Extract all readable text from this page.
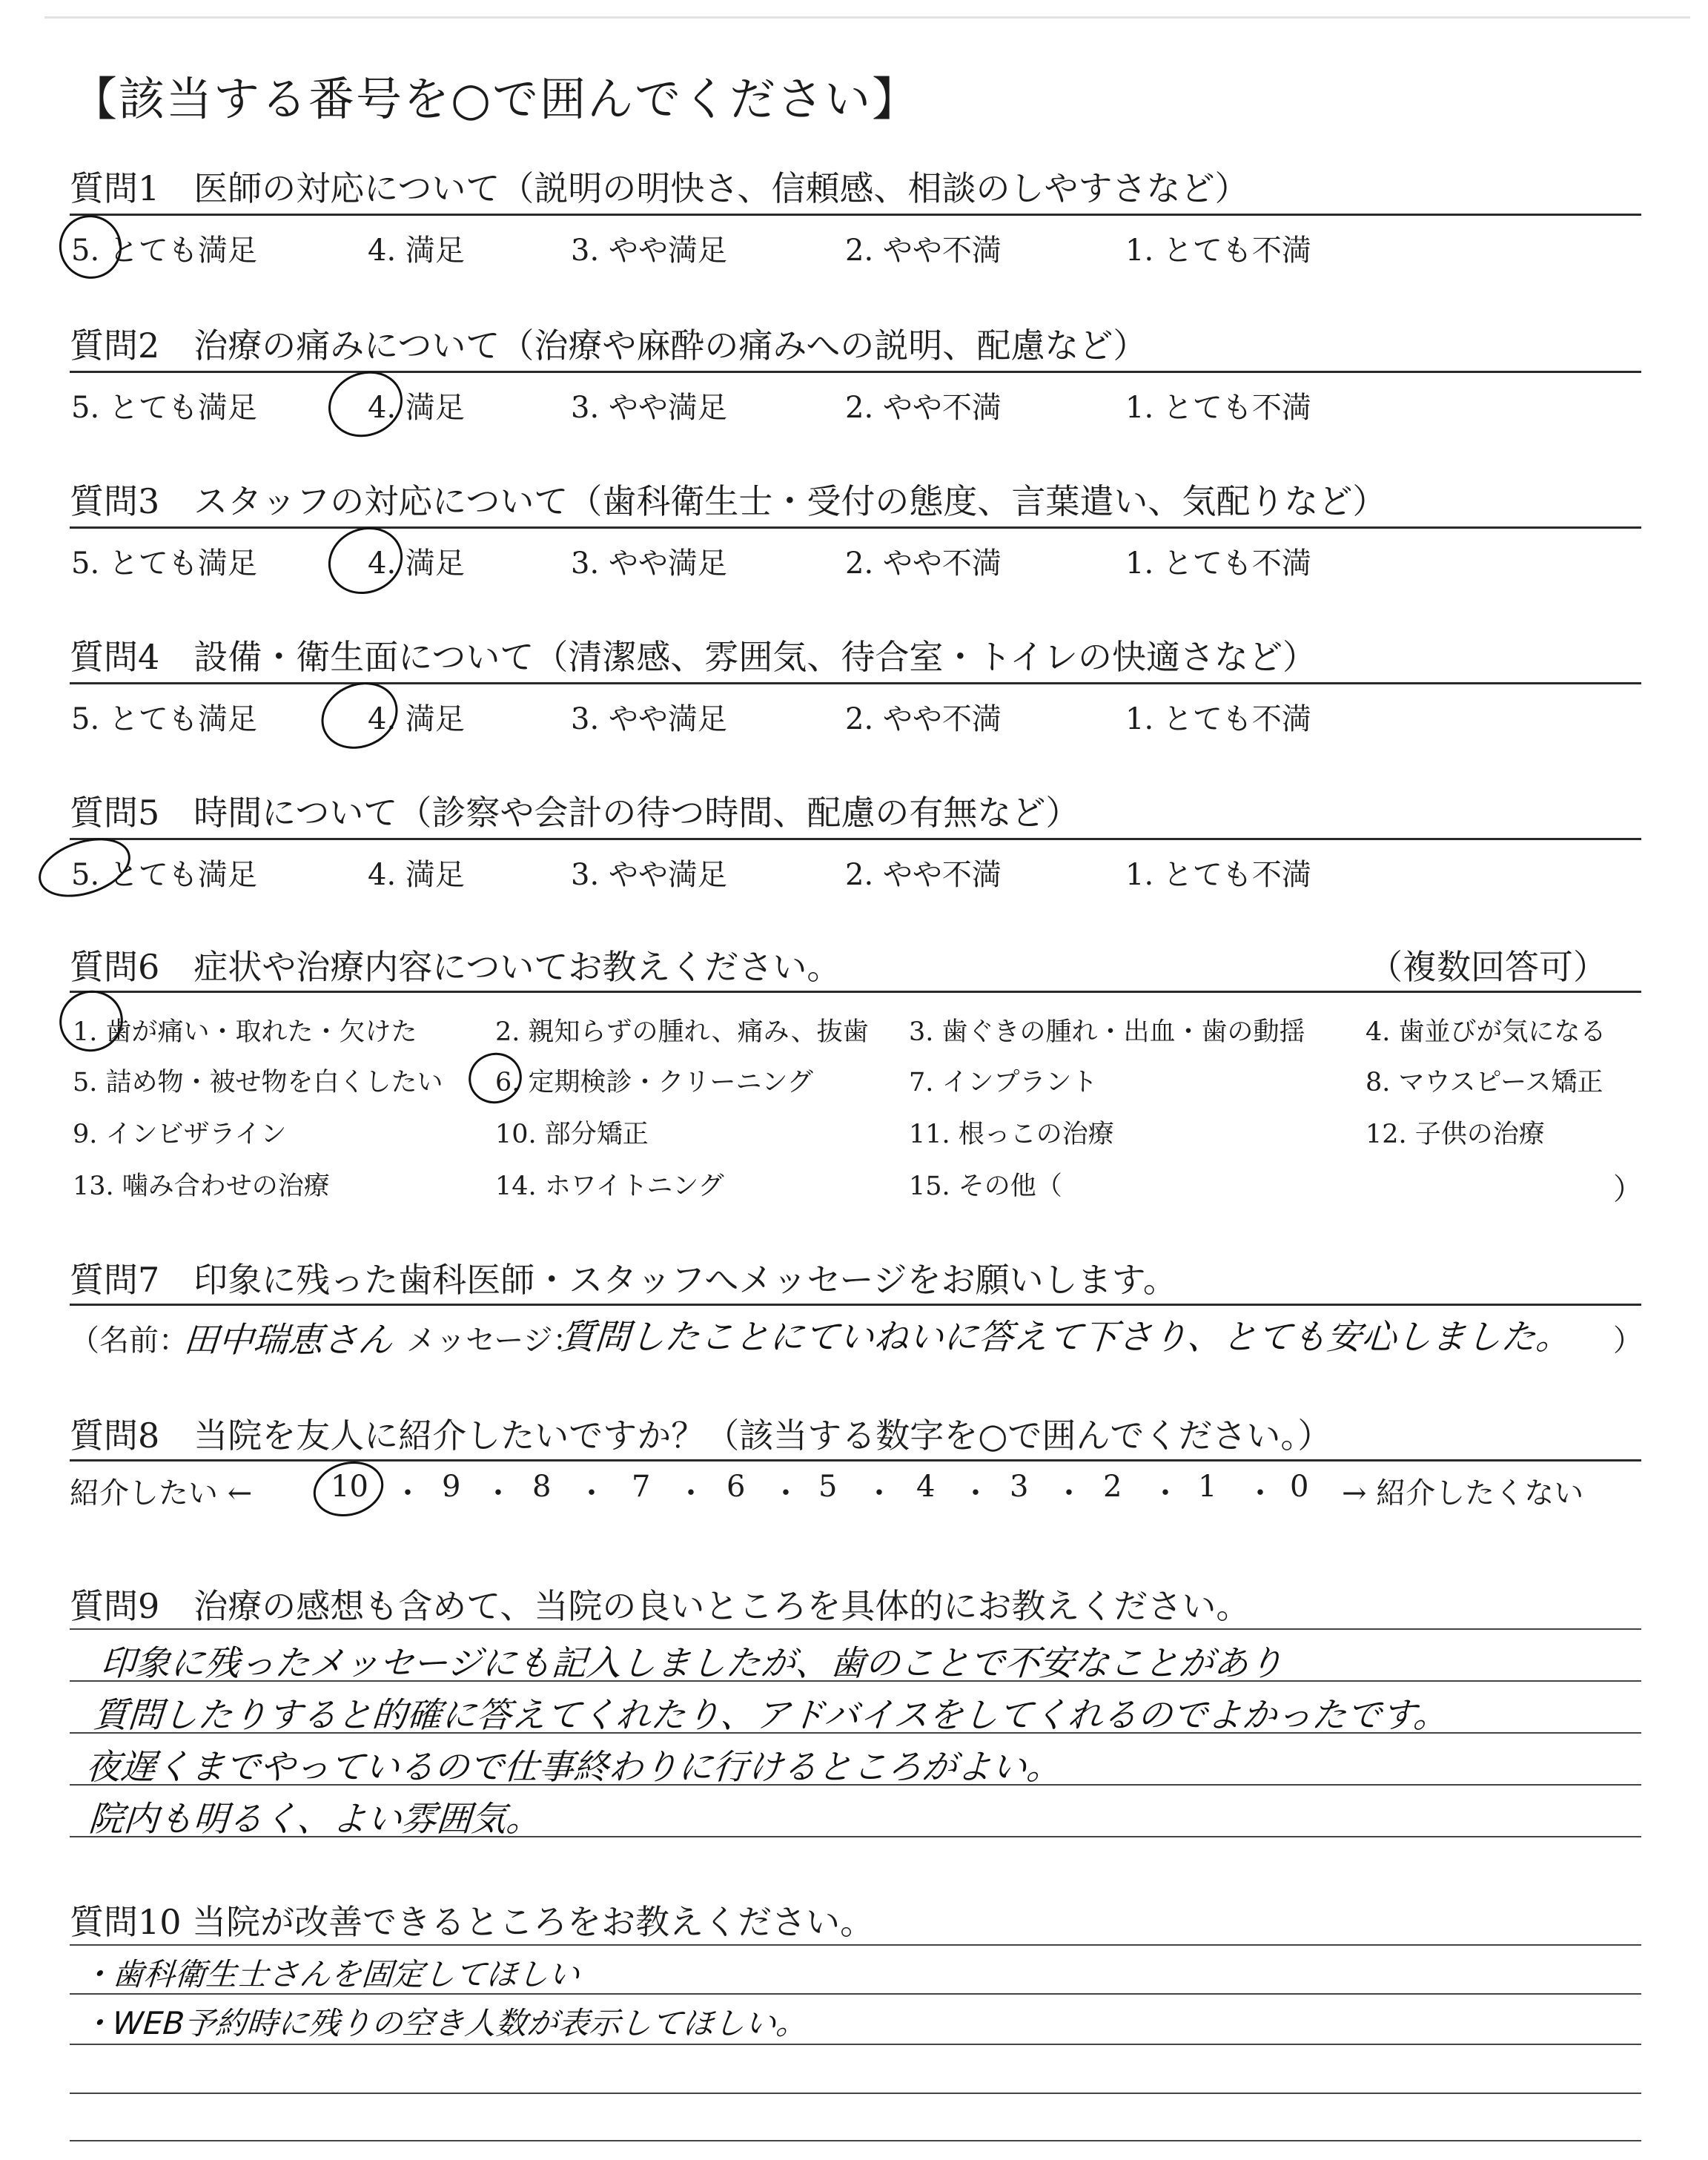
【該当する番号を○で囲んでください】
質問1　医師の対応について（説明の明快さ、信頼感、相談のしやすさなど）
5. とても満足	4. 満足	3. やや満足	2. やや不満	1. とても不満
質問2　治療の痛みについて（治療や麻酔の痛みへの説明、配慮など）
5. とても満足	4. 満足	3. やや満足	2. やや不満	1. とても不満
質問3　スタッフの対応について（歯科衛生士・受付の態度、言葉遣い、気配りなど）
5. とても満足	4. 満足	3. やや満足	2. やや不満	1. とても不満
質問4　設備・衛生面について（清潔感、雰囲気、待合室・トイレの快適さなど）
5. とても満足	4. 満足	3. やや満足	2. やや不満	1. とても不満
質問5　時間について（診察や会計の待つ時間、配慮の有無など）
5. とても満足	4. 満足	3. やや満足	2. やや不満	1. とても不満
質問6　症状や治療内容についてお教えください。	（複数回答可）
1. 歯が痛い・取れた・欠けた	2. 親知らずの腫れ、痛み、抜歯 3. 歯ぐきの腫れ・出血・歯の動揺 4. 歯並びが気になる
5. 詰め物・被せ物を白くしたい 6. 定期検診・クリーニング	7. インプラント	8. マウスピース矯正
9. インビザライン	10. 部分矯正	11. 根っこの治療	12. 子供の治療
13. 噛み合わせの治療	14. ホワイトニング	15. その他（	）
質問7　印象に残った歯科医師・スタッフへメッセージをお願いします。
（名前：
田中瑞恵さん メッセージ：
質問したことにていねいに答えて下さり、とても安心しました。 ）
質問8　当院を友人に紹介したいですか？（該当する数字を○で囲んでください。）
紹介したい ←	10 ・ 9 ・ 8 ・ 7 ・ 6 ・ 5 ・ 4 ・ 3 ・ 2 ・ 1 ・ 0 → 紹介したくない
質問9　治療の感想も含めて、当院の良いところを具体的にお教えください。
印象に残ったメッセージにも記入しましたが、歯のことで不安なことがあり
質問したりすると的確に答えてくれたり、アドバイスをしてくれるのでよかったです。
夜遅くまでやっているので仕事終わりに行けるところがよい。
院内も明るく、よい雰囲気。
質問10 当院が改善できるところをお教えください。
・歯科衛生士さんを固定してほしい
・WEB予約時に残りの空き人数が表示してほしい。
